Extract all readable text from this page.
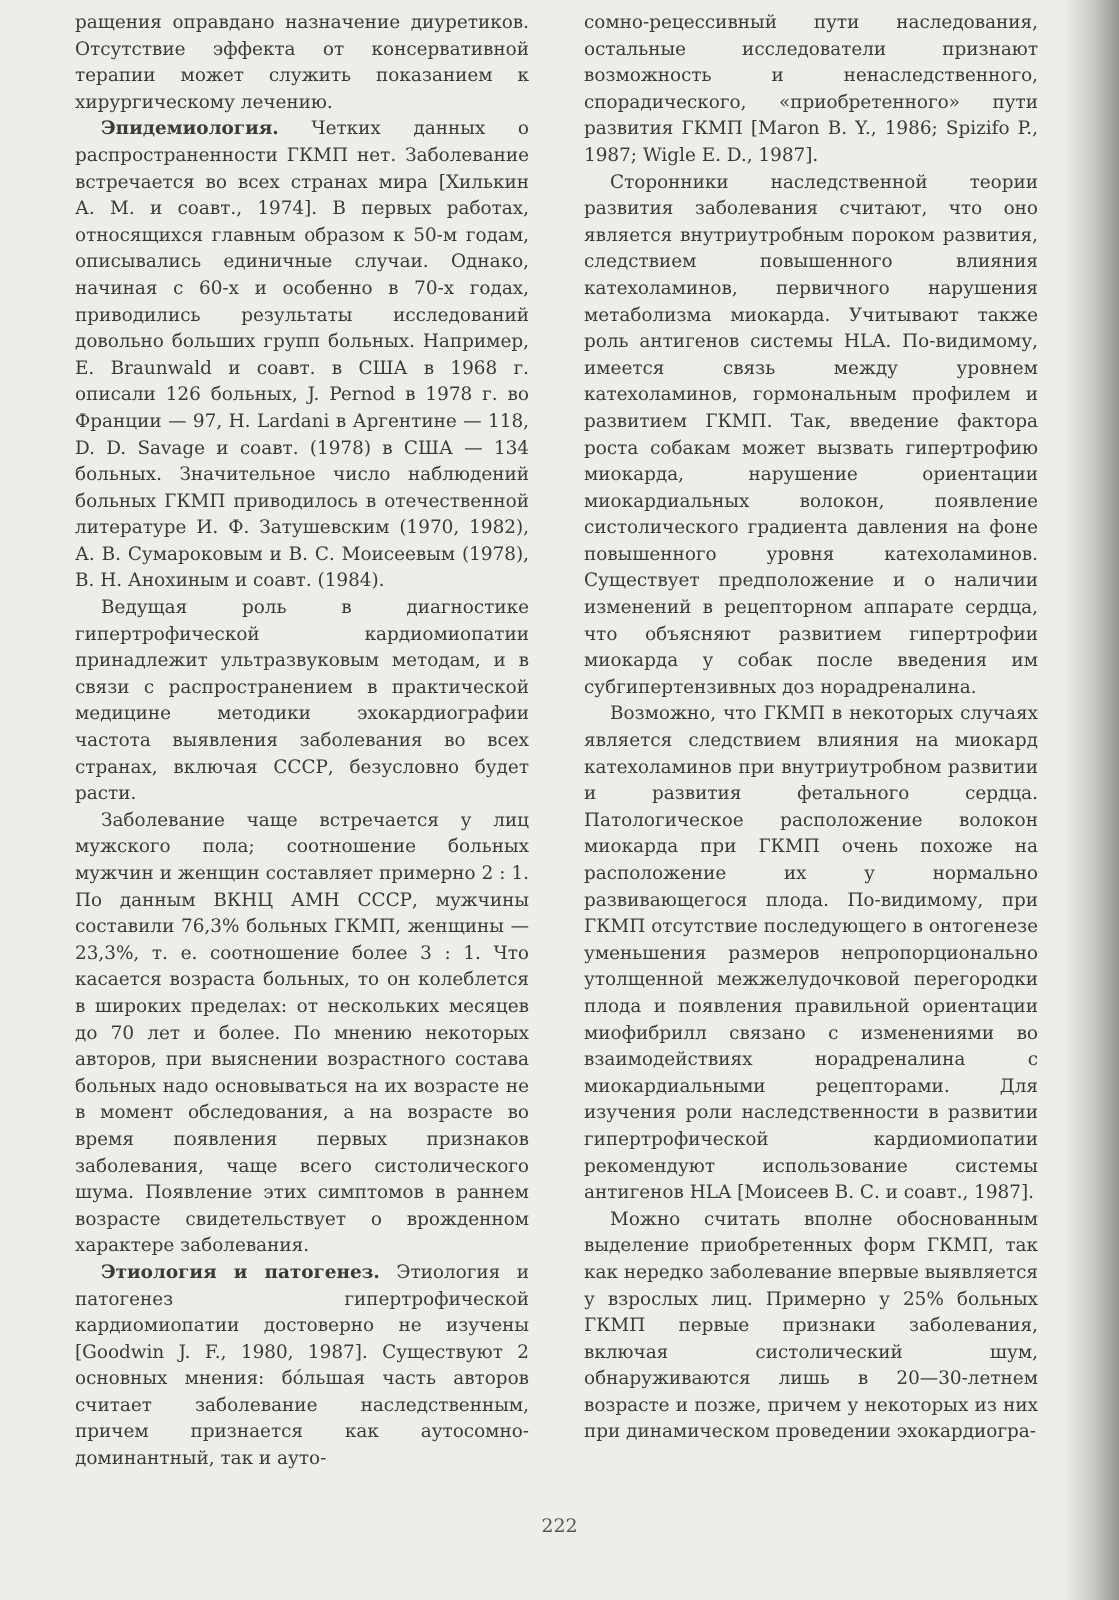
ращения оправдано назначение диуретиков. Отсутствие эффекта от консервативной терапии может служить показанием к хирургическому лечению.

Эпидемиология. Четких данных о распространенности ГКМП нет. Заболевание встречается во всех странах мира [Хилькин А. М. и соавт., 1974]. В первых работах, относящихся главным образом к 50-м годам, описывались единичные случаи. Однако, начиная с 60-х и особенно в 70-х годах, приводились результаты исследований довольно больших групп больных. Например, E. Braunwald и соавт. в США в 1968 г. описали 126 больных, J. Pernod в 1978 г. во Франции — 97, H. Lardani в Аргентине — 118, D. D. Savage и соавт. (1978) в США — 134 больных. Значительное число наблюдений больных ГКМП приводилось в отечественной литературе И. Ф. Затушевским (1970, 1982), А. В. Сумароковым и В. С. Моисеевым (1978), В. Н. Анохиным и соавт. (1984).

Ведущая роль в диагностике гипертрофической кардиомиопатии принадлежит ультразвуковым методам, и в связи с распространением в практической медицине методики эхокардиографии частота выявления заболевания во всех странах, включая СССР, безусловно будет расти.

Заболевание чаще встречается у лиц мужского пола; соотношение больных мужчин и женщин составляет примерно 2 : 1. По данным ВКНЦ АМН СССР, мужчины составили 76,3% больных ГКМП, женщины — 23,3%, т. е. соотношение более 3 : 1. Что касается возраста больных, то он колеблется в широких пределах: от нескольких месяцев до 70 лет и более. По мнению некоторых авторов, при выяснении возрастного состава больных надо основываться на их возрасте не в момент обследования, а на возрасте во время появления первых признаков заболевания, чаще всего систолического шума. Появление этих симптомов в раннем возрасте свидетельствует о врожденном характере заболевания.

Этиология и патогенез. Этиология и патогенез гипертрофической кардиомиопатии достоверно не изучены [Goodwin J. F., 1980, 1987]. Существуют 2 основных мнения: бóльшая часть авторов считает заболевание наследственным, причем признается как аутосомно-доминантный, так и ауто-

сомно-рецессивный пути наследования, остальные исследователи признают возможность и ненаследственного, спорадического, «приобретенного» пути развития ГКМП [Maron B. Y., 1986; Spizifo P., 1987; Wigle E. D., 1987].

Сторонники наследственной теории развития заболевания считают, что оно является внутриутробным пороком развития, следствием повышенного влияния катехоламинов, первичного нарушения метаболизма миокарда. Учитывают также роль антигенов системы HLA. По-видимому, имеется связь между уровнем катехоламинов, гормональным профилем и развитием ГКМП. Так, введение фактора роста собакам может вызвать гипертрофию миокарда, нарушение ориентации миокардиальных волокон, появление систолического градиента давления на фоне повышенного уровня катехоламинов. Существует предположение и о наличии изменений в рецепторном аппарате сердца, что объясняют развитием гипертрофии миокарда у собак после введения им субгипертензивных доз норадреналина.

Возможно, что ГКМП в некоторых случаях является следствием влияния на миокард катехоламинов при внутриутробном развитии и развития фетального сердца. Патологическое расположение волокон миокарда при ГКМП очень похоже на расположение их у нормально развивающегося плода. По-видимому, при ГКМП отсутствие последующего в онтогенезе уменьшения размеров непропорционально утолщенной межжелудочковой перегородки плода и появления правильной ориентации миофибрилл связано с изменениями во взаимодействиях норадреналина с миокардиальными рецепторами. Для изучения роли наследственности в развитии гипертрофической кардиомиопатии рекомендуют использование системы антигенов HLA [Моисеев В. С. и соавт., 1987].

Можно считать вполне обоснованным выделение приобретенных форм ГКМП, так как нередко заболевание впервые выявляется у взрослых лиц. Примерно у 25% больных ГКМП первые признаки заболевания, включая систолический шум, обнаруживаются лишь в 20—30-летнем возрасте и позже, причем у некоторых из них при динамическом проведении эхокардиогра-

222
